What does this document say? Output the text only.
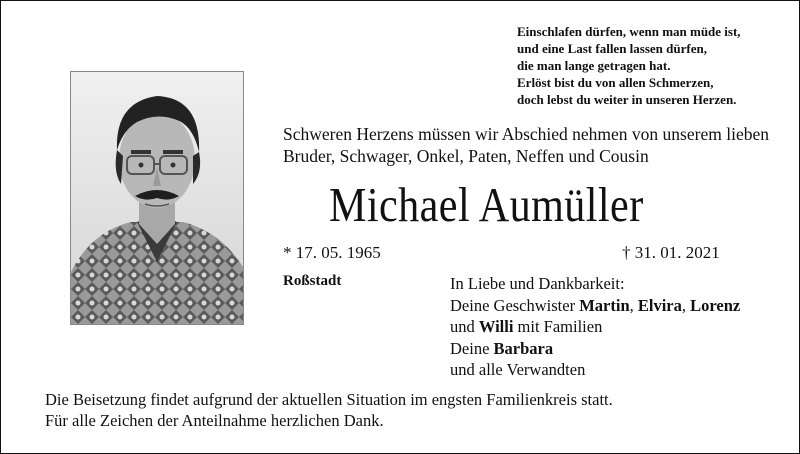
Einschlafen dürfen, wenn man müde ist,
und eine Last fallen lassen dürfen,
die man lange getragen hat.
Erlöst bist du von allen Schmerzen,
doch lebst du weiter in unseren Herzen.
Schweren Herzens müssen wir Abschied nehmen von unserem lieben
Bruder, Schwager, Onkel, Paten, Neffen und Cousin
Michael Aumüller
* 17. 05. 1965	† 31. 01. 2021
Roßstadt	In Liebe und Dankbarkeit:
Deine Geschwister Martin, Elvira, Lorenz
und Willi mit Familien
Deine Barbara
und alle Verwandten
Die Beisetzung findet aufgrund der aktuellen Situation im engsten Familienkreis statt.
Für alle Zeichen der Anteilnahme herzlichen Dank.
